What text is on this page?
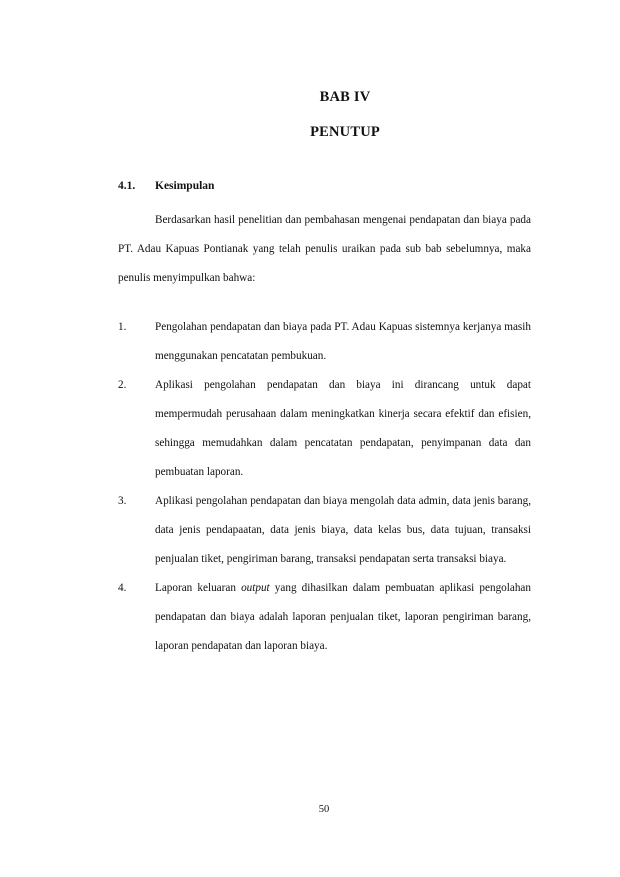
BAB IV
PENUTUP
4.1. Kesimpulan

Berdasarkan hasil penelitian dan pembahasan mengenai pendapatan dan biaya pada PT. Adau Kapuas Pontianak yang telah penulis uraikan pada sub bab sebelumnya, maka penulis menyimpulkan bahwa:

1.	Pengolahan pendapatan dan biaya pada PT. Adau Kapuas sistemnya kerjanya masih menggunakan pencatatan pembukuan.
2.	Aplikasi pengolahan pendapatan dan biaya ini dirancang untuk dapat mempermudah perusahaan dalam meningkatkan kinerja secara efektif dan efisien, sehingga memudahkan dalam pencatatan pendapatan, penyimpanan data dan pembuatan laporan.
3.	Aplikasi pengolahan pendapatan dan biaya mengolah data admin, data jenis barang, data jenis pendapaatan, data jenis biaya, data kelas bus, data tujuan, transaksi penjualan tiket, pengiriman barang, transaksi pendapatan serta transaksi biaya.
4.	Laporan keluaran output yang dihasilkan dalam pembuatan aplikasi pengolahan pendapatan dan biaya adalah laporan penjualan tiket, laporan pengiriman barang, laporan pendapatan dan laporan biaya.
50
